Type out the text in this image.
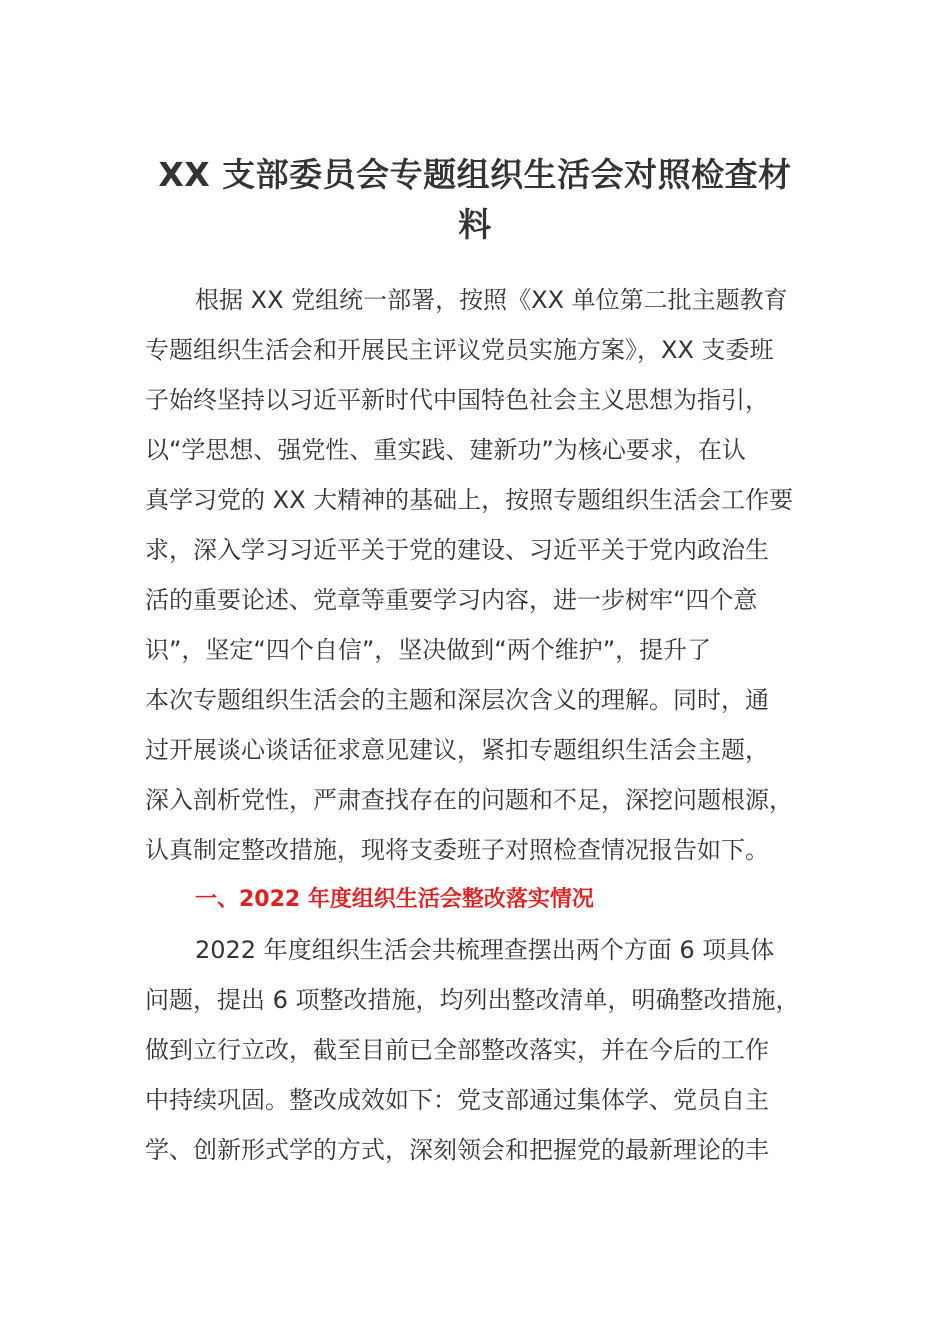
XX 支部委员会专题组织生活会对照检查材
料
根据 XX 党组统一部署，按照《XX 单位第二批主题教育
专题组织生活会和开展民主评议党员实施方案》，XX 支委班
子始终坚持以习近平新时代中国特色社会主义思想为指引，
以“学思想、强党性、重实践、建新功”为核心要求，在认
真学习党的 XX 大精神的基础上，按照专题组织生活会工作要
求，深入学习习近平关于党的建设、习近平关于党内政治生
活的重要论述、党章等重要学习内容，进一步树牢“四个意
识”，坚定“四个自信”，坚决做到“两个维护”，提升了
本次专题组织生活会的主题和深层次含义的理解。同时，通
过开展谈心谈话征求意见建议，紧扣专题组织生活会主题，
深入剖析党性，严肃查找存在的问题和不足，深挖问题根源，
认真制定整改措施，现将支委班子对照检查情况报告如下。
一、2022 年度组织生活会整改落实情况
2022 年度组织生活会共梳理查摆出两个方面 6 项具体
问题，提出 6 项整改措施，均列出整改清单，明确整改措施，
做到立行立改，截至目前已全部整改落实，并在今后的工作
中持续巩固。整改成效如下：党支部通过集体学、党员自主
学、创新形式学的方式，深刻领会和把握党的最新理论的丰
